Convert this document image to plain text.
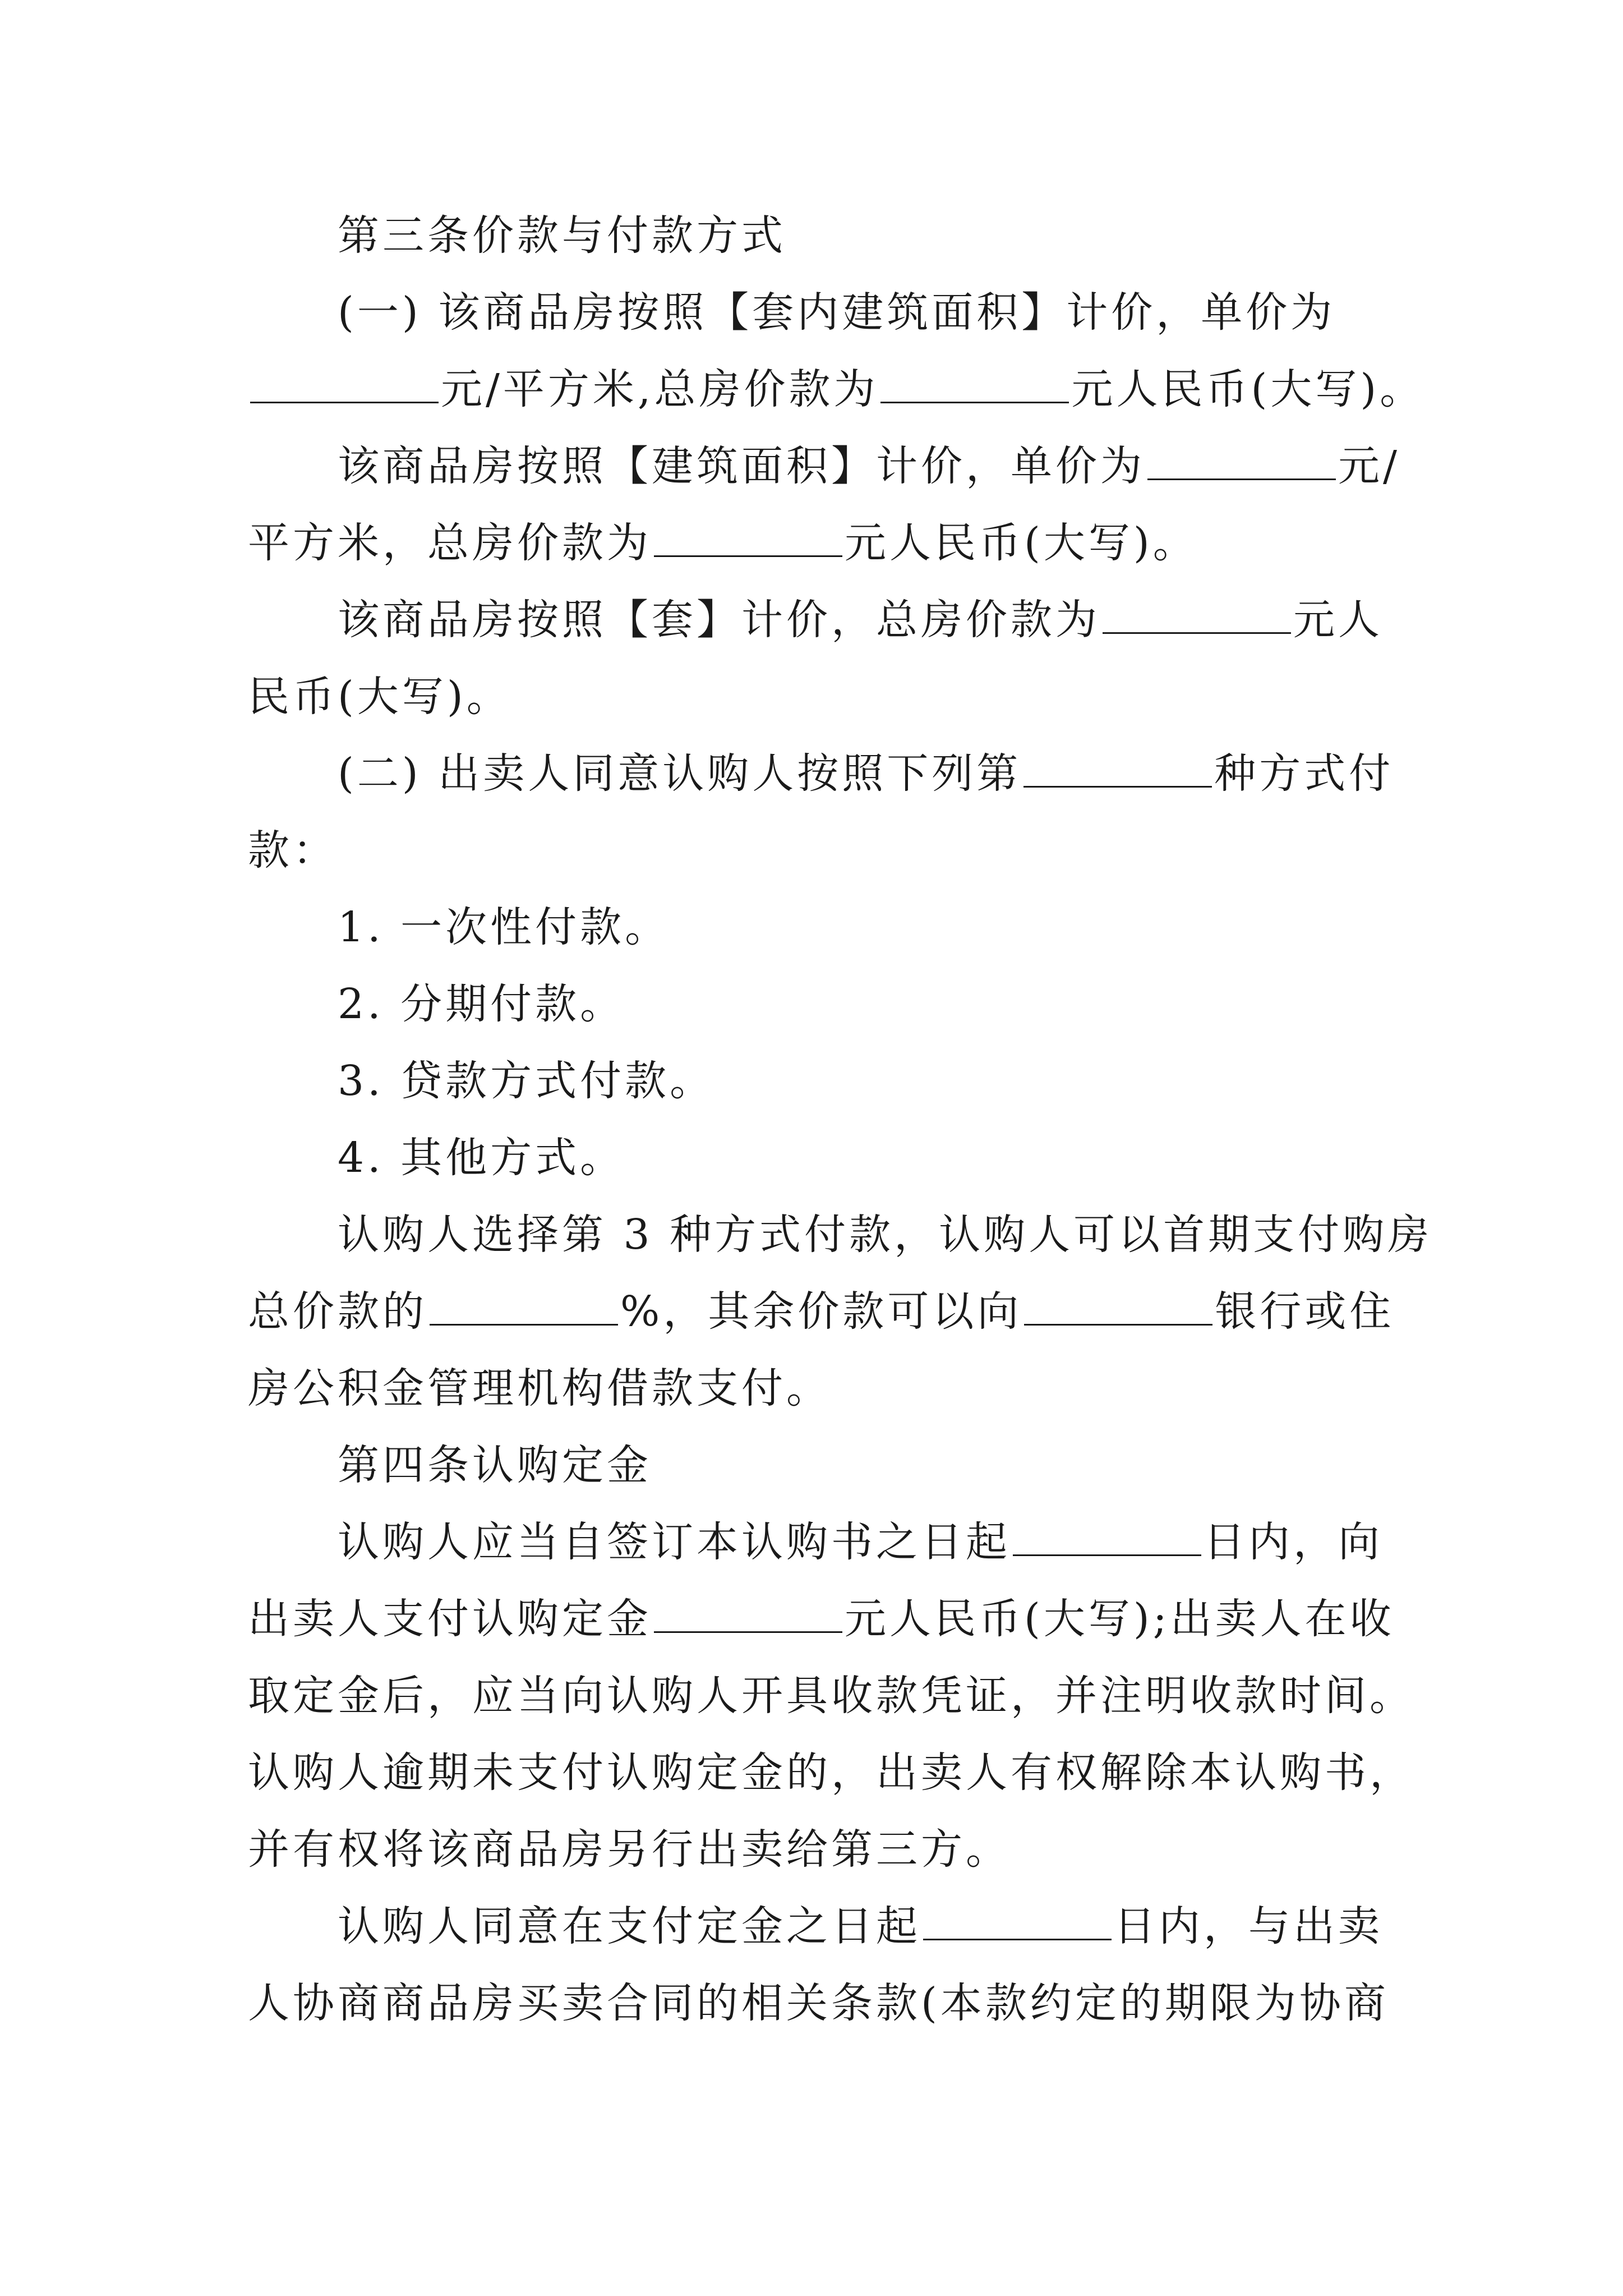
第三条价款与付款方式
(一) 该商品房按照【套内建筑面积】计价，单价为
元/平方米,总房价款为	元人民币(大写)。
该商品房按照【建筑面积】计价，单价为	元/
平方米，总房价款为	元人民币(大写)。
该商品房按照【套】计价，总房价款为	元人
民币(大写)。
(二) 出卖人同意认购人按照下列第	种方式付
款：
1. 一次性付款。
2. 分期付款。
3. 贷款方式付款。
4. 其他方式。
认购人选择第 3 种方式付款，认购人可以首期支付购房
总价款的	%，其余价款可以向	银行或住
房公积金管理机构借款支付。
第四条认购定金
认购人应当自签订本认购书之日起	日内，向
出卖人支付认购定金	元人民币(大写);出卖人在收
取定金后，应当向认购人开具收款凭证，并注明收款时间。
认购人逾期未支付认购定金的，出卖人有权解除本认购书，
并有权将该商品房另行出卖给第三方。
认购人同意在支付定金之日起	日内，与出卖
人协商商品房买卖合同的相关条款(本款约定的期限为协商
